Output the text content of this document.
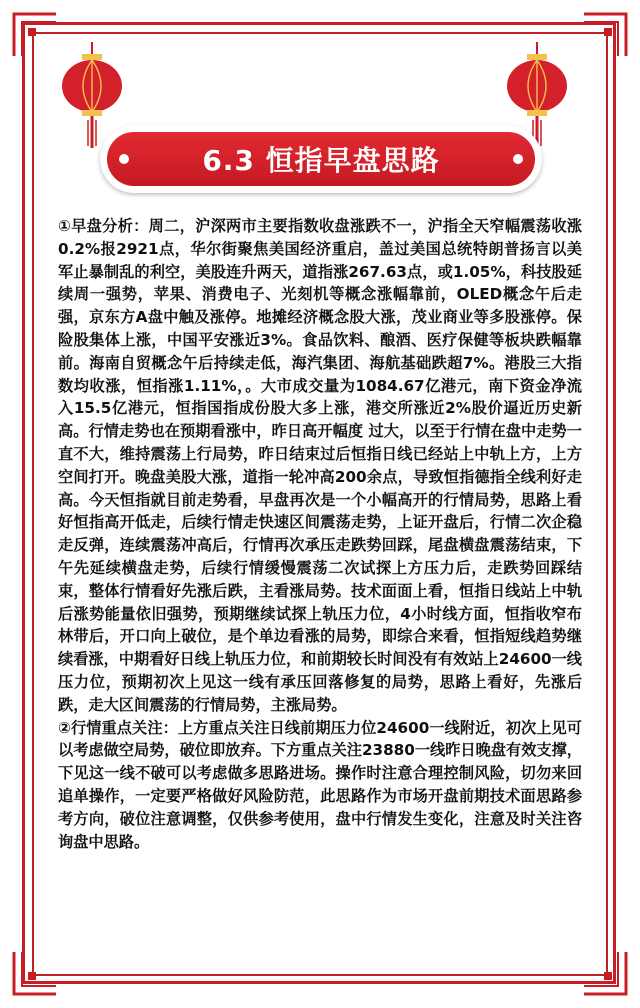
6.3 恒指早盘思路

①早盘分析：周二，沪深两市主要指数收盘涨跌不一，沪指全天窄幅震荡收涨0.2%报2921点，华尔街聚焦美国经济重启，盖过美国总统特朗普扬言以美军止暴制乱的利空，美股连升两天，道指涨267.63点，或1.05%，科技股延续周一强势，苹果、消费电子、光刻机等概念涨幅靠前，OLED概念午后走强，京东方A盘中触及涨停。地摊经济概念股大涨，茂业商业等多股涨停。保险股集体上涨，中国平安涨近3%。食品饮料、酿酒、医疗保健等板块跌幅靠前。海南自贸概念午后持续走低，海汽集团、海航基础跌超7%。港股三大指数均收涨，恒指涨1.11%，。大市成交量为1084.67亿港元，南下资金净流入15.5亿港元，恒指国指成份股大多上涨，港交所涨近2%股价逼近历史新高。行情走势也在预期看涨中，昨日高开幅度 过大，以至于行情在盘中走势一直不大，维持震荡上行局势，昨日结束过后恒指日线已经站上中轨上方，上方空间打开。晚盘美股大涨，道指一轮冲高200余点，导致恒指德指全线利好走高。今天恒指就目前走势看，早盘再次是一个小幅高开的行情局势，思路上看好恒指高开低走，后续行情走快速区间震荡走势，上证开盘后，行情二次企稳走反弹，连续震荡冲高后，行情再次承压走跌势回踩，尾盘横盘震荡结束，下午先延续横盘走势，后续行情缓慢震荡二次试探上方压力后，走跌势回踩结束，整体行情看好先涨后跌，主看涨局势。技术面面上看，恒指日线站上中轨后涨势能量依旧强势，预期继续试探上轨压力位，4小时线方面，恒指收窄布林带后，开口向上破位，是个单边看涨的局势，即综合来看，恒指短线趋势继续看涨，中期看好日线上轨压力位，和前期较长时间没有有效站上24600一线压力位，预期初次上见这一线有承压回落修复的局势，思路上看好，先涨后跌，走大区间震荡的行情局势，主涨局势。

②行情重点关注：上方重点关注日线前期压力位24600一线附近，初次上见可以考虑做空局势，破位即放弃。下方重点关注23880一线昨日晚盘有效支撑，下见这一线不破可以考虑做多思路进场。操作时注意合理控制风险，切勿来回追单操作，一定要严格做好风险防范，此思路作为市场开盘前期技术面思路参考方向，破位注意调整，仅供参考使用，盘中行情发生变化，注意及时关注咨询盘中思路。
